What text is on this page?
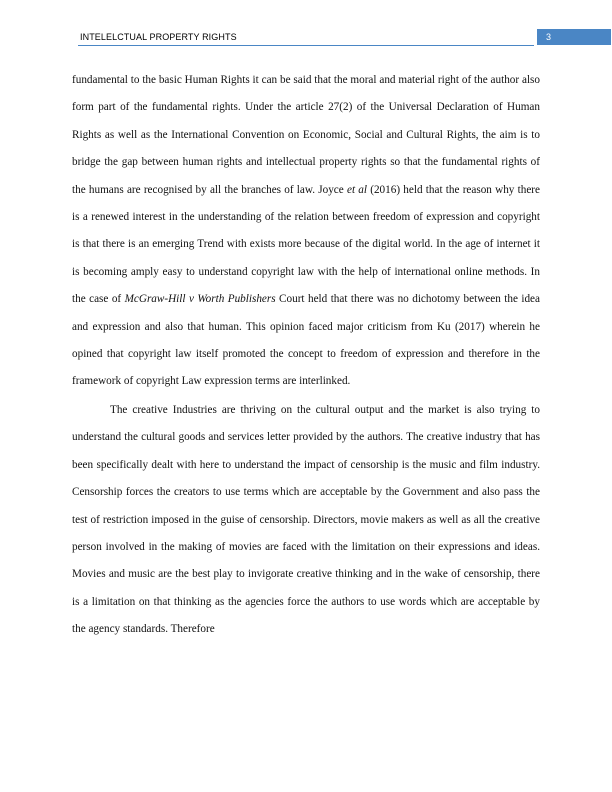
INTELELCTUAL PROPERTY RIGHTS	3

fundamental to the basic Human Rights it can be said that the moral and material right of the author also form part of the fundamental rights. Under the article 27(2) of the Universal Declaration of Human Rights as well as the International Convention on Economic, Social and Cultural Rights, the aim is to bridge the gap between human rights and intellectual property rights so that the fundamental rights of the humans are recognised by all the branches of law. Joyce et al (2016) held that the reason why there is a renewed interest in the understanding of the relation between freedom of expression and copyright is that there is an emerging Trend with exists more because of the digital world. In the age of internet it is becoming amply easy to understand copyright law with the help of international online methods. In the case of McGraw-Hill v Worth Publishers Court held that there was no dichotomy between the idea and expression and also that human. This opinion faced major criticism from Ku (2017) wherein he opined that copyright law itself promoted the concept to freedom of expression and therefore in the framework of copyright Law expression terms are interlinked.

The creative Industries are thriving on the cultural output and the market is also trying to understand the cultural goods and services letter provided by the authors. The creative industry that has been specifically dealt with here to understand the impact of censorship is the music and film industry. Censorship forces the creators to use terms which are acceptable by the Government and also pass the test of restriction imposed in the guise of censorship. Directors, movie makers as well as all the creative person involved in the making of movies are faced with the limitation on their expressions and ideas. Movies and music are the best play to invigorate creative thinking and in the wake of censorship, there is a limitation on that thinking as the agencies force the authors to use words which are acceptable by the agency standards. Therefore
